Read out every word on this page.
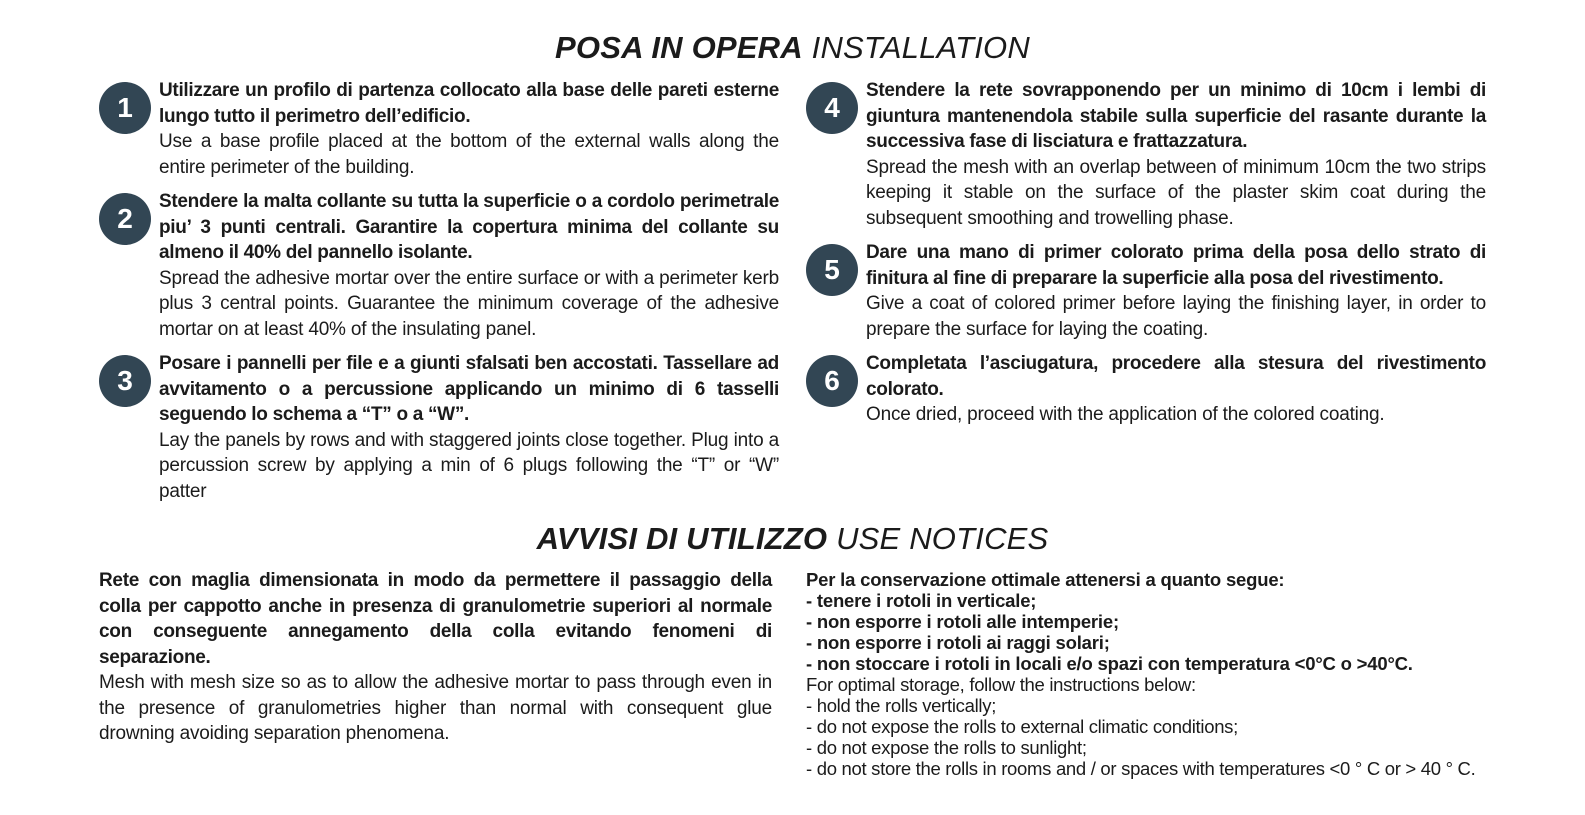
POSA IN OPERA INSTALLATION
1

Utilizzare un profilo di partenza collocato alla base delle pareti esterne lungo tutto il perimetro dell’edificio.

Use a base profile placed at the bottom of the external walls along the entire perimeter of the building.

2

Stendere la malta collante su tutta la superficie o a cordolo perimetrale piu’ 3 punti centrali. Garantire la copertura minima del collante su almeno il 40% del pannello isolante.

Spread the adhesive mortar over the entire surface or with a perimeter kerb plus 3 central points. Guarantee the minimum coverage of the adhesive mortar on at least 40% of the insulating panel.

3

Posare i pannelli per file e a giunti sfalsati ben accostati. Tassellare ad avvitamento o a percussione applicando un minimo di 6 tasselli seguendo lo schema a “T” o a “W”.

Lay the panels by rows and with staggered joints close together. Plug into a percussion screw by applying a min of 6 plugs following the “T” or “W” patter

4

Stendere la rete sovrapponendo per un minimo di 10cm i lembi di giuntura mantenendola stabile sulla superficie del rasante durante la successiva fase di lisciatura e frattazzatura.

Spread the mesh with an overlap between of minimum 10cm the two strips keeping it stable on the surface of the plaster skim coat during the subsequent smoothing and trowelling phase.

5

Dare una mano di primer colorato prima della posa dello strato di finitura al fine di preparare la superficie alla posa del rivestimento.

Give a coat of colored primer before laying the finishing layer, in order to prepare the surface for laying the coating.

6

Completata l’asciugatura, procedere alla stesura del rivestimento colorato.

Once dried, proceed with the application of the colored coating.

AVVISI DI UTILIZZO USE NOTICES

Rete con maglia dimensionata in modo da permettere il passaggio della colla per cappotto anche in presenza di granulometrie superiori al normale con conseguente annegamento della colla evitando fenomeni di separazione.

Mesh with mesh size so as to allow the adhesive mortar to pass through even in the presence of granulometries higher than normal with consequent glue drowning avoiding separation phenomena.

Per la conservazione ottimale attenersi a quanto segue:
- tenere i rotoli in verticale;
- non esporre i rotoli alle intemperie;
- non esporre i rotoli ai raggi solari;
- non stoccare i rotoli in locali e/o spazi con temperatura <0°C o >40°C.
For optimal storage, follow the instructions below:
- hold the rolls vertically;
- do not expose the rolls to external climatic conditions;
- do not expose the rolls to sunlight;
- do not store the rolls in rooms and / or spaces with temperatures <0 ° C or > 40 ° C.
